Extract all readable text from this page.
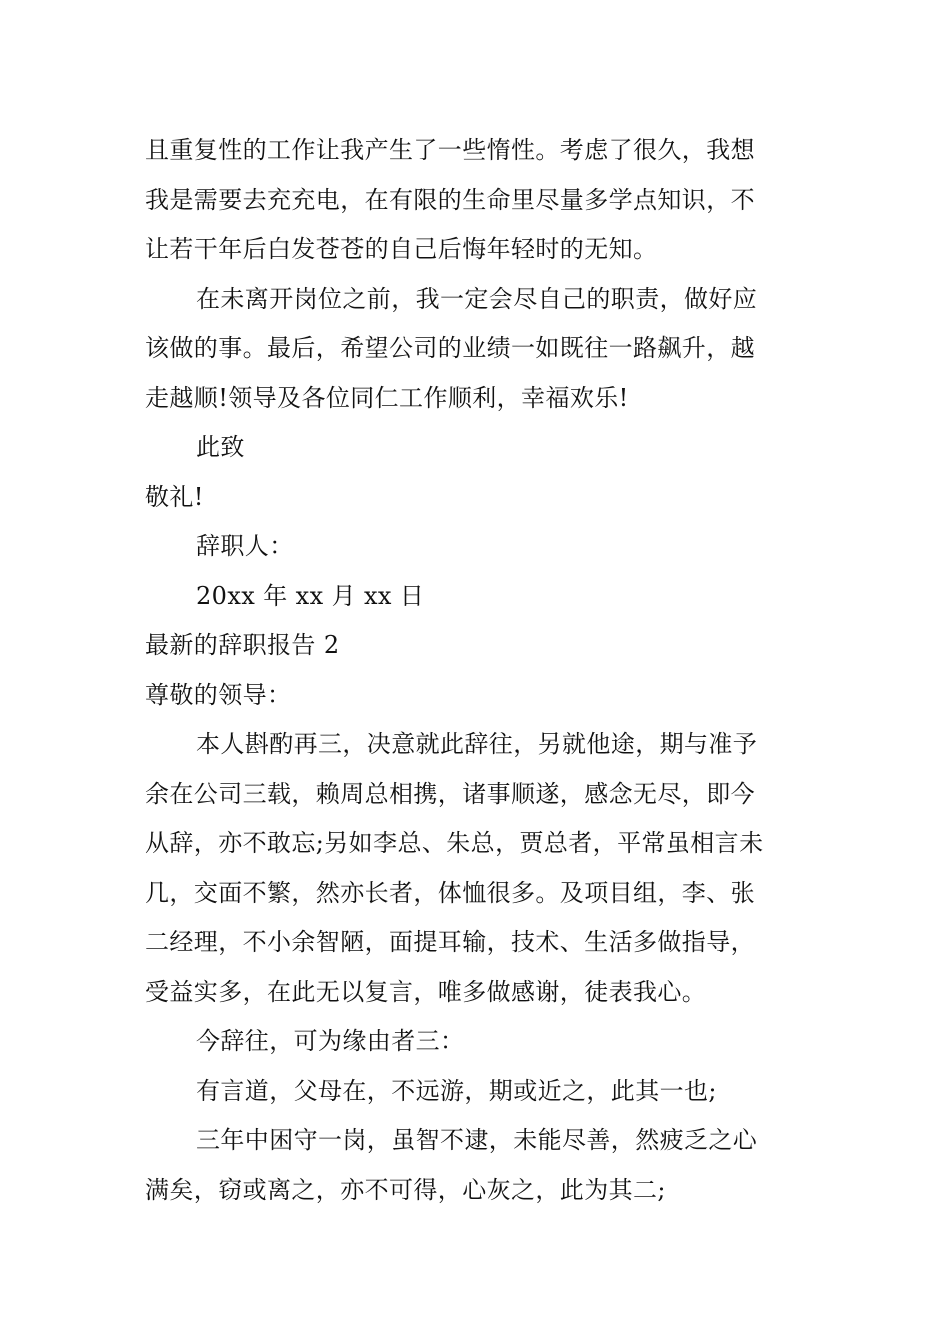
且重复性的工作让我产生了一些惰性。考虑了很久，我想
我是需要去充充电，在有限的生命里尽量多学点知识，不
让若干年后白发苍苍的自己后悔年轻时的无知。
在未离开岗位之前，我一定会尽自己的职责，做好应
该做的事。最后，希望公司的业绩一如既往一路飙升，越
走越顺!领导及各位同仁工作顺利，幸福欢乐!
此致
敬礼!
辞职人：
20xx 年 xx 月 xx 日
最新的辞职报告 2
尊敬的领导：
本人斟酌再三，决意就此辞往，另就他途，期与准予
余在公司三载，赖周总相携，诸事顺遂，感念无尽，即今
从辞，亦不敢忘;另如李总、朱总，贾总者，平常虽相言未
几，交面不繁，然亦长者，体恤很多。及项目组，李、张
二经理，不小余智陋，面提耳输，技术、生活多做指导，
受益实多，在此无以复言，唯多做感谢，徒表我心。
今辞往，可为缘由者三：
有言道，父母在，不远游，期或近之，此其一也;
三年中困守一岗，虽智不逮，未能尽善，然疲乏之心
满矣，窃或离之，亦不可得，心灰之，此为其二;
